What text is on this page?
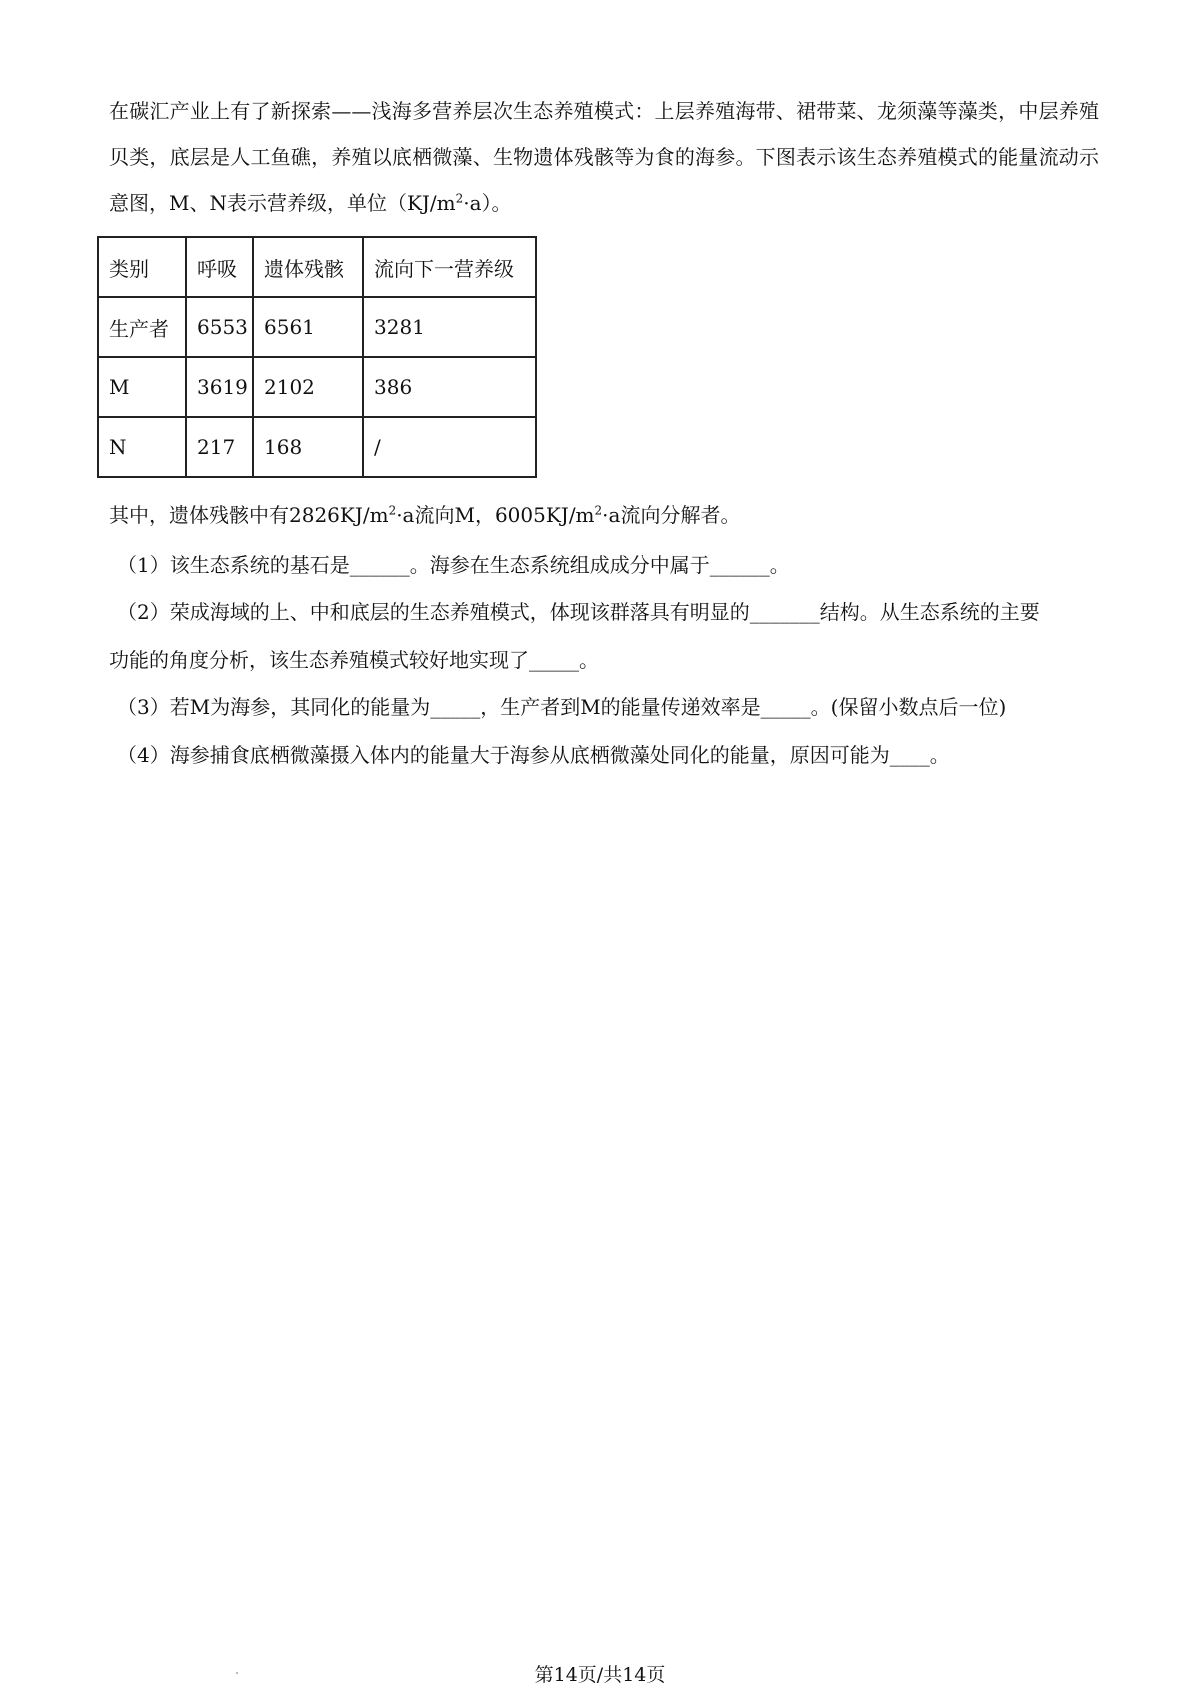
在碳汇产业上有了新探索——浅海多营养层次生态养殖模式：上层养殖海带、裙带菜、龙须藻等藻类，中层养殖贝类，底层是人工鱼礁，养殖以底栖微藻、生物遗体残骸等为食的海参。下图表示该生态养殖模式的能量流动示意图，M、N表示营养级，单位$(KJ/m^2\cdot a)$。

类别	呼吸	遗体残骸	流向下一营养级
生产者	6553	6561	3281
M	3619	2102	386
N	217	168	/

其中，遗体残骸中有$2826KJ/m^2\cdot a$流向M，$6005KJ/m^2\cdot a$流向分解者。

（1）该生态系统的基石是______。海参在生态系统组成成分中属于______。

（2）荣成海域的上、中和底层的生态养殖模式，体现该群落具有明显的_______结构。从生态系统的主要

功能的角度分析，该生态养殖模式较好地实现了_____。

（3）若M为海参，其同化的能量为_____，生产者到M的能量传递效率是_____。(保留小数点后一位)

（4）海参捕食底栖微藻摄入体内的能量大于海参从底栖微藻处同化的能量，原因可能为____。

第14页/共14页
